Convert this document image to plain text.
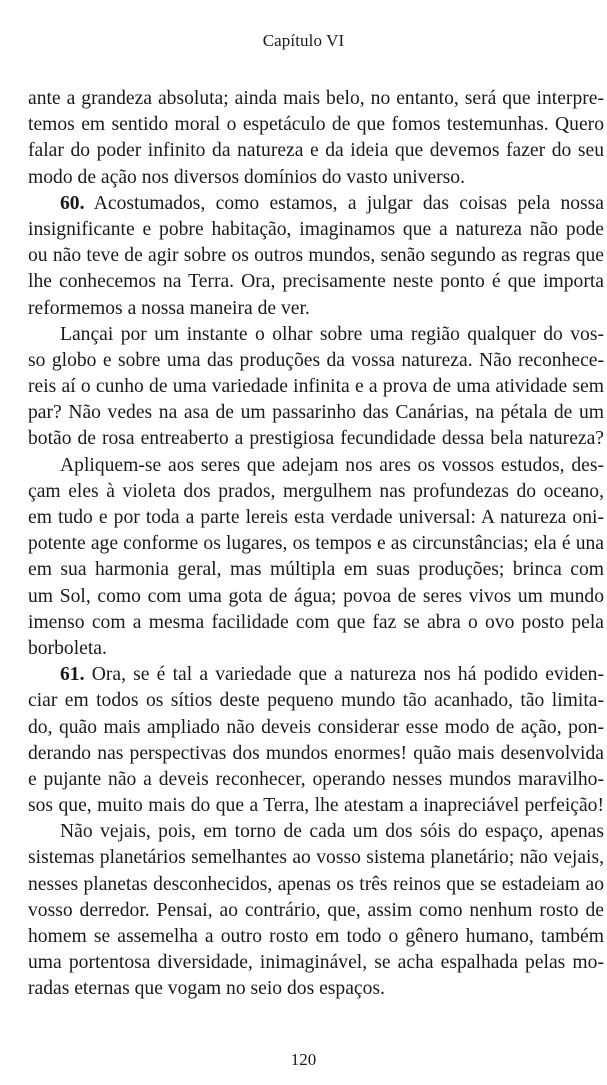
Capítulo VI
ante a grandeza absoluta; ainda mais belo, no entanto, será que interpre-
temos em sentido moral o espetáculo de que fomos testemunhas. Quero
falar do poder infinito da natureza e da ideia que devemos fazer do seu
modo de ação nos diversos domínios do vasto universo.
60. Acostumados, como estamos, a julgar das coisas pela nossa
insignificante e pobre habitação, imaginamos que a natureza não pode
ou não teve de agir sobre os outros mundos, senão segundo as regras que
lhe conhecemos na Terra. Ora, precisamente neste ponto é que importa
reformemos a nossa maneira de ver.
Lançai por um instante o olhar sobre uma região qualquer do vos-
so globo e sobre uma das produções da vossa natureza. Não reconhece-
reis aí o cunho de uma variedade infinita e a prova de uma atividade sem
par? Não vedes na asa de um passarinho das Canárias, na pétala de um
botão de rosa entreaberto a prestigiosa fecundidade dessa bela natureza?
Apliquem-se aos seres que adejam nos ares os vossos estudos, des-
çam eles à violeta dos prados, mergulhem nas profundezas do oceano,
em tudo e por toda a parte lereis esta verdade universal: A natureza oni-
potente age conforme os lugares, os tempos e as circunstâncias; ela é una
em sua harmonia geral, mas múltipla em suas produções; brinca com
um Sol, como com uma gota de água; povoa de seres vivos um mundo
imenso com a mesma facilidade com que faz se abra o ovo posto pela
borboleta.
61. Ora, se é tal a variedade que a natureza nos há podido eviden-
ciar em todos os sítios deste pequeno mundo tão acanhado, tão limita-
do, quão mais ampliado não deveis considerar esse modo de ação, pon-
derando nas perspectivas dos mundos enormes! quão mais desenvolvida
e pujante não a deveis reconhecer, operando nesses mundos maravilho-
sos que, muito mais do que a Terra, lhe atestam a inapreciável perfeição!
Não vejais, pois, em torno de cada um dos sóis do espaço, apenas
sistemas planetários semelhantes ao vosso sistema planetário; não vejais,
nesses planetas desconhecidos, apenas os três reinos que se estadeiam ao
vosso derredor. Pensai, ao contrário, que, assim como nenhum rosto de
homem se assemelha a outro rosto em todo o gênero humano, também
uma portentosa diversidade, inimaginável, se acha espalhada pelas mo-
radas eternas que vogam no seio dos espaços.
120
